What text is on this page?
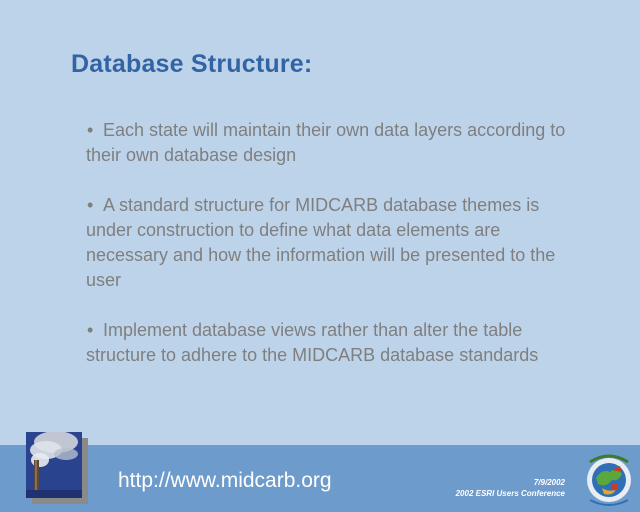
Database Structure:
• Each state will maintain their own data layers according to their own database design
• A standard structure for MIDCARB database themes is under construction to define what data elements are necessary and how the information will be presented to the user
• Implement database views rather than alter the table structure to adhere to the MIDCARB database standards
http://www.midcarb.org	7/9/2002
2002 ESRI Users Conference
